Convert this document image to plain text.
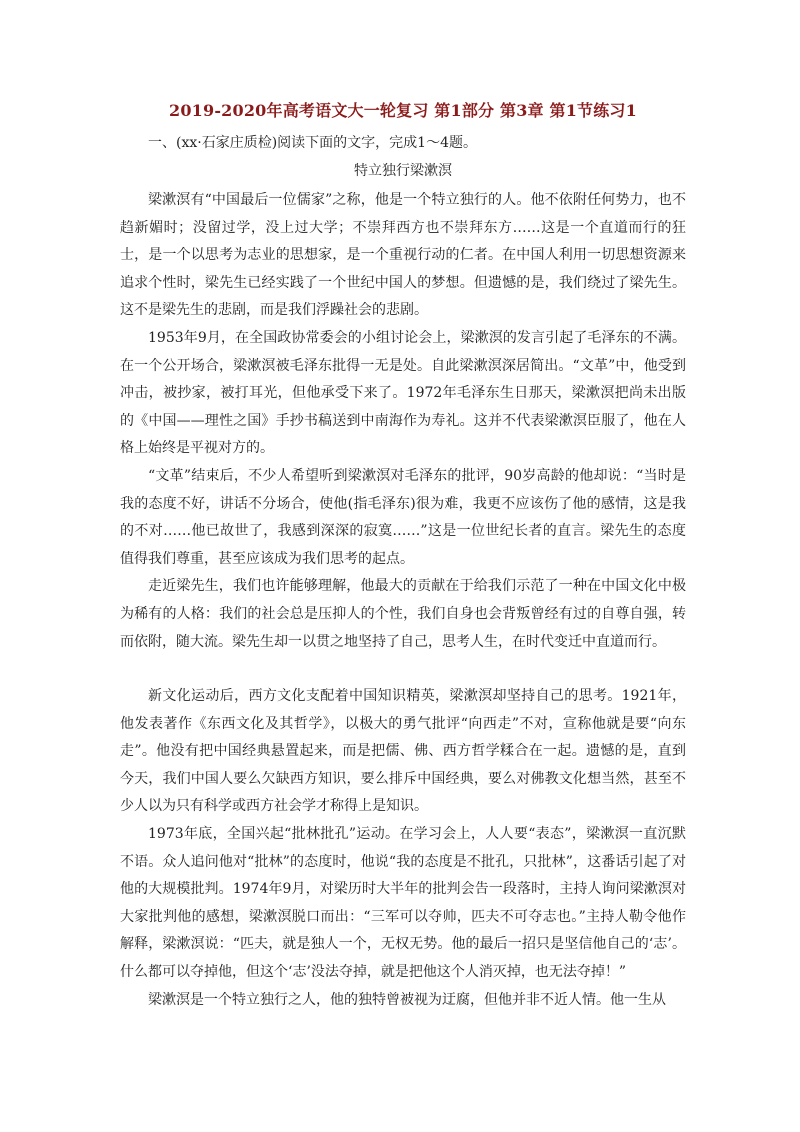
2019-2020年高考语文大一轮复习 第1部分 第3章 第1节练习1

一、(xx·石家庄质检)阅读下面的文字，完成1～4题。

特立独行梁漱溟

梁漱溟有“中国最后一位儒家”之称，他是一个特立独行的人。他不依附任何势力，也不趋新媚时；没留过学，没上过大学；不崇拜西方也不崇拜东方……这是一个直道而行的狂士，是一个以思考为志业的思想家，是一个重视行动的仁者。在中国人利用一切思想资源来追求个性时，梁先生已经实践了一个世纪中国人的梦想。但遗憾的是，我们绕过了梁先生。这不是梁先生的悲剧，而是我们浮躁社会的悲剧。

1953年9月，在全国政协常委会的小组讨论会上，梁漱溟的发言引起了毛泽东的不满。在一个公开场合，梁漱溟被毛泽东批得一无是处。自此梁漱溟深居简出。“文革”中，他受到冲击，被抄家，被打耳光，但他承受下来了。1972年毛泽东生日那天，梁漱溟把尚未出版的《中国——理性之国》手抄书稿送到中南海作为寿礼。这并不代表梁漱溟臣服了，他在人格上始终是平视对方的。

“文革”结束后，不少人希望听到梁漱溟对毛泽东的批评，90岁高龄的他却说：“当时是我的态度不好，讲话不分场合，使他(指毛泽东)很为难，我更不应该伤了他的感情，这是我的不对……他已故世了，我感到深深的寂寞……”这是一位世纪长者的直言。梁先生的态度值得我们尊重，甚至应该成为我们思考的起点。

走近梁先生，我们也许能够理解，他最大的贡献在于给我们示范了一种在中国文化中极为稀有的人格：我们的社会总是压抑人的个性，我们自身也会背叛曾经有过的自尊自强，转而依附，随大流。梁先生却一以贯之地坚持了自己，思考人生，在时代变迁中直道而行。

新文化运动后，西方文化支配着中国知识精英，梁漱溟却坚持自己的思考。1921年，他发表著作《东西文化及其哲学》，以极大的勇气批评“向西走”不对，宣称他就是要“向东走”。他没有把中国经典悬置起来，而是把儒、佛、西方哲学糅合在一起。遗憾的是，直到今天，我们中国人要么欠缺西方知识，要么排斥中国经典，要么对佛教文化想当然，甚至不少人以为只有科学或西方社会学才称得上是知识。

1973年底，全国兴起“批林批孔”运动。在学习会上，人人要“表态”，梁漱溟一直沉默不语。众人追问他对“批林”的态度时，他说“我的态度是不批孔，只批林”，这番话引起了对他的大规模批判。1974年9月，对梁历时大半年的批判会告一段落时，主持人询问梁漱溟对大家批判他的感想，梁漱溟脱口而出：“三军可以夺帅，匹夫不可夺志也。”主持人勒令他作解释，梁漱溟说：“匹夫，就是独人一个，无权无势。他的最后一招只是坚信他自己的‘志’。什么都可以夺掉他，但这个‘志’没法夺掉，就是把他这个人消灭掉，也无法夺掉！”

梁漱溟是一个特立独行之人，他的独特曾被视为迂腐，但他并非不近人情。他一生从
